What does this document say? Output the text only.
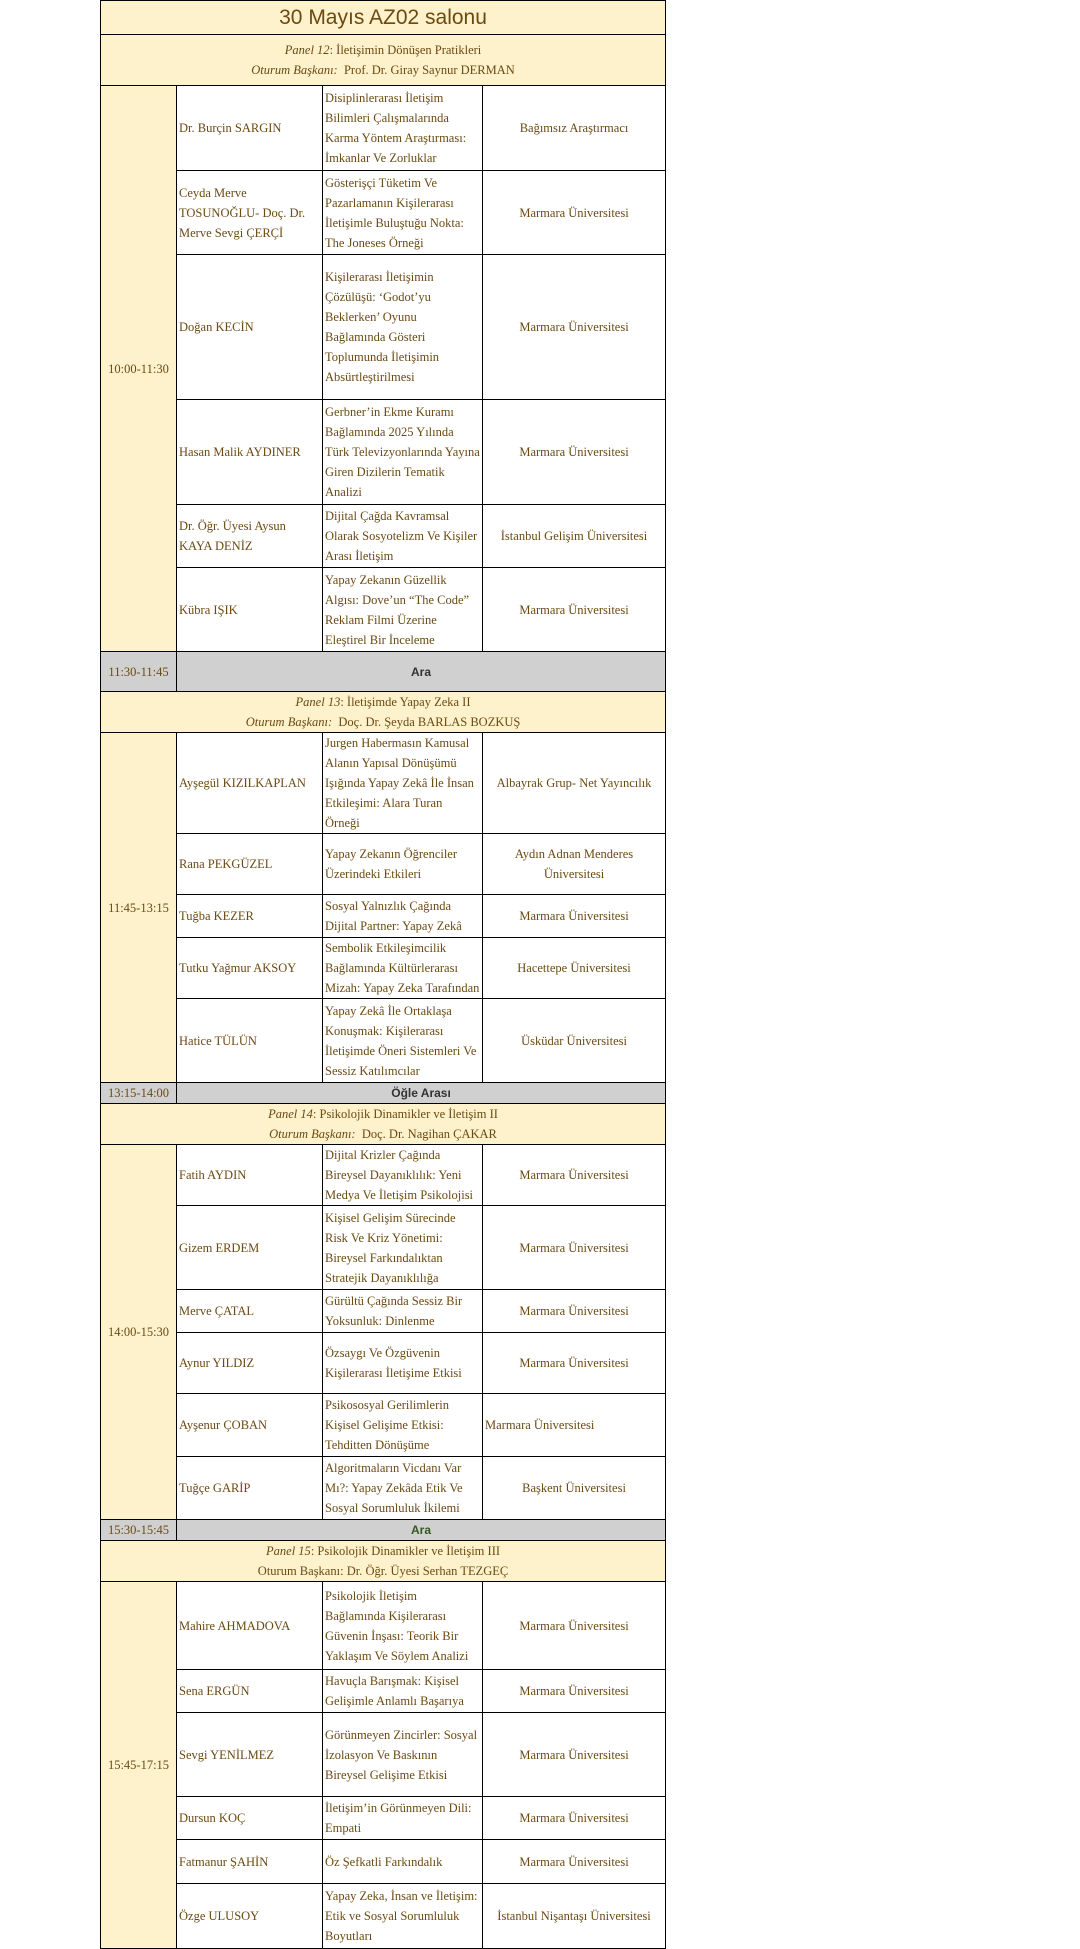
30 Mayıs AZ02 salonu			

Panel 12: İletişimin Dönüşen Pratikleri
Oturum Başkanı: Prof. Dr. Giray Saynur DERMAN			

10:00-11:30	Dr. Burçin SARGIN	Disiplinlerarası İletişim Bilimleri Çalışmalarında Karma Yöntem Araştırması: İmkanlar Ve Zorluklar	Bağımsız Araştırmacı
	Ceyda Merve TOSUNOĞLU- Doç. Dr. Merve Sevgi ÇERÇİ	Gösterişçi Tüketim Ve Pazarlamanın Kişilerarası İletişimle Buluştuğu Nokta: The Joneses Örneği	Marmara Üniversitesi
	Doğan KECİN	Kişilerarası İletişimin Çözülüşü: ‘Godot’yu Beklerken’ Oyunu Bağlamında Gösteri Toplumunda İletişimin Absürtleştirilmesi	Marmara Üniversitesi
	Hasan Malik AYDINER	Gerbner’in Ekme Kuramı Bağlamında 2025 Yılında Türk Televizyonlarında Yayına Giren Dizilerin Tematik Analizi	Marmara Üniversitesi
	Dr. Öğr. Üyesi Aysun KAYA DENİZ	Dijital Çağda Kavramsal Olarak Sosyotelizm Ve Kişiler Arası İletişim	İstanbul Gelişim Üniversitesi
	Kübra IŞIK	Yapay Zekanın Güzellik Algısı: Dove’un “The Code” Reklam Filmi Üzerine Eleştirel Bir İnceleme	Marmara Üniversitesi
11:30-11:45	Ara		

Panel 13: İletişimde Yapay Zeka II
Oturum Başkanı: Doç. Dr. Şeyda BARLAS BOZKUŞ			

11:45-13:15	Ayşegül KIZILKAPLAN	Jurgen Habermasın Kamusal Alanın Yapısal Dönüşümü Işığında Yapay Zekâ İle İnsan Etkileşimi: Alara Turan Örneği	Albayrak Grup- Net Yayıncılık
	Rana PEKGÜZEL	Yapay Zekanın Öğrenciler Üzerindeki Etkileri	Aydın Adnan Menderes Üniversitesi
	Tuğba KEZER	Sosyal Yalnızlık Çağında Dijital Partner: Yapay Zekâ	Marmara Üniversitesi
	Tutku Yağmur AKSOY	Sembolik Etkileşimcilik Bağlamında Kültürlerarası Mizah: Yapay Zeka Tarafından	Hacettepe Üniversitesi
	Hatice TÜLÜN	Yapay Zekâ İle Ortaklaşa Konuşmak: Kişilerarası İletişimde Öneri Sistemleri Ve Sessiz Katılımcılar	Üsküdar Üniversitesi
13:15-14:00	Öğle Arası		

Panel 14: Psikolojik Dinamikler ve İletişim II
Oturum Başkanı: Doç. Dr. Nagihan ÇAKAR			

14:00-15:30	Fatih AYDIN	Dijital Krizler Çağında Bireysel Dayanıklılık: Yeni Medya Ve İletişim Psikolojisi	Marmara Üniversitesi
	Gizem ERDEM	Kişisel Gelişim Sürecinde Risk Ve Kriz Yönetimi: Bireysel Farkındalıktan Stratejik Dayanıklılığa	Marmara Üniversitesi
	Merve ÇATAL	Gürültü Çağında Sessiz Bir Yoksunluk: Dinlenme	Marmara Üniversitesi
	Aynur YILDIZ	Özsaygı Ve Özgüvenin Kişilerarası İletişime Etkisi	Marmara Üniversitesi
	Ayşenur ÇOBAN	Psikososyal Gerilimlerin Kişisel Gelişime Etkisi: Tehditten Dönüşüme	Marmara Üniversitesi
	Tuğçe GARİP	Algoritmaların Vicdanı Var Mı?: Yapay Zekâda Etik Ve Sosyal Sorumluluk İkilemi	Başkent Üniversitesi
15:30-15:45	Ara		

Panel 15: Psikolojik Dinamikler ve İletişim III
Oturum Başkanı: Dr. Öğr. Üyesi Serhan TEZGEÇ			

15:45-17:15	Mahire AHMADOVA	Psikolojik İletişim Bağlamında Kişilerarası Güvenin İnşası: Teorik Bir Yaklaşım Ve Söylem Analizi	Marmara Üniversitesi
	Sena ERGÜN	Havuçla Barışmak: Kişisel Gelişimle Anlamlı Başarıya	Marmara Üniversitesi
	Sevgi YENİLMEZ	Görünmeyen Zincirler: Sosyal İzolasyon Ve Baskının Bireysel Gelişime Etkisi	Marmara Üniversitesi
	Dursun KOÇ	İletişim’in Görünmeyen Dili: Empati	Marmara Üniversitesi
	Fatmanur ŞAHİN	Öz Şefkatli Farkındalık	Marmara Üniversitesi
	Özge ULUSOY	Yapay Zeka, İnsan ve İletişim: Etik ve Sosyal Sorumluluk Boyutları	İstanbul Nişantaşı Üniversitesi
